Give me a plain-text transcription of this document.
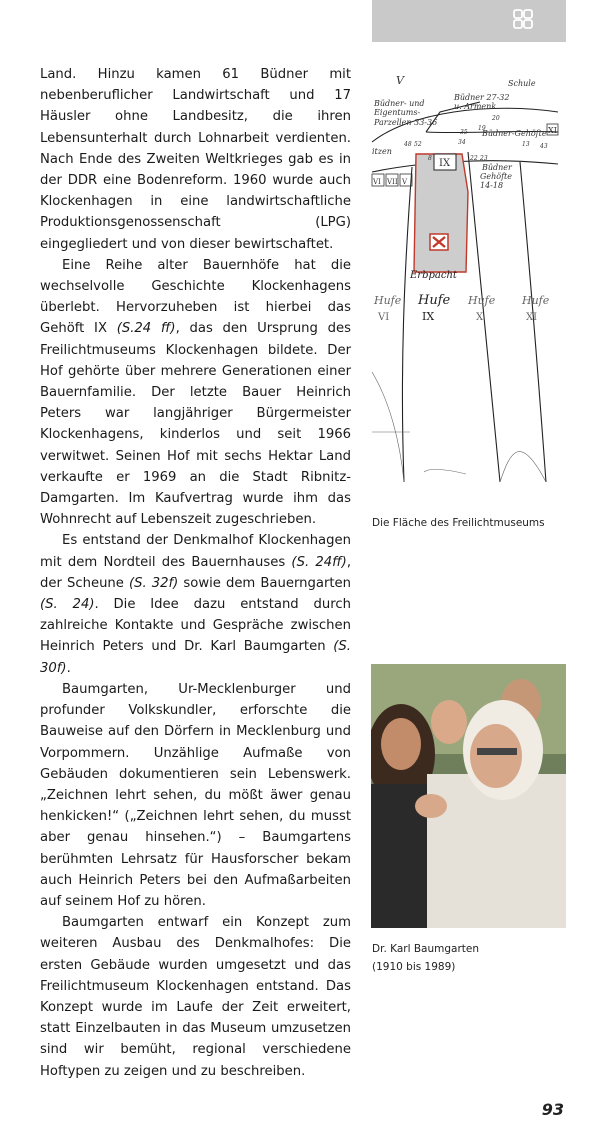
Land. Hinzu kamen 61 Büdner mit nebenberuflicher Landwirtschaft und 17 Häusler ohne Landbesitz, die ihren Lebensunterhalt durch Lohnarbeit verdienten. Nach Ende des Zweiten Weltkrieges gab es in der DDR eine Bodenreform. 1960 wurde auch Klockenhagen in eine landwirtschaftliche Produktionsgenossenschaft (LPG) eingegliedert und von dieser bewirtschaftet.

Eine Reihe alter Bauernhöfe hat die wechselvolle Geschichte Klockenhagens überlebt. Hervorzuheben ist hierbei das Gehöft IX (S.24 ff), das den Ursprung des Freilichtmuseums Klockenhagen bildete. Der Hof gehörte über mehrere Generationen einer Bauernfamilie. Der letzte Bauer Heinrich Peters war langjähriger Bürgermeister Klockenhagens, kinderlos und seit 1966 verwitwet. Seinen Hof mit sechs Hektar Land verkaufte er 1969 an die Stadt Ribnitz-Damgarten. Im Kaufvertrag wurde ihm das Wohnrecht auf Lebenszeit zugeschrieben.

Es entstand der Denkmalhof Klockenhagen mit dem Nordteil des Bauernhauses (S. 24ff), der Scheune (S. 32f) sowie dem Bauerngarten (S. 24). Die Idee dazu entstand durch zahlreiche Kontakte und Gespräche zwischen Heinrich Peters und Dr. Karl Baumgarten (S. 30f).

Baumgarten, Ur-Mecklenburger und profunder Volkskundler, erforschte die Bauweise auf den Dörfern in Mecklenburg und Vorpommern. Unzählige Aufmaße von Gebäuden dokumentieren sein Lebenswerk. „Zeichnen lehrt sehen, du mößt äwer genau henkicken!“ („Zeichnen lehrt sehen, du musst aber genau hinsehen.“) – Baumgartens berühmten Lehrsatz für Hausforscher bekam auch Heinrich Peters bei den Aufmaßarbeiten auf seinem Hof zu hören.

Baumgarten entwarf ein Konzept zum weiteren Ausbau des Denkmalhofes: Die ersten Gebäude wurden umgesetzt und das Freilichtmuseum Klockenhagen entstand. Das Konzept wurde im Laufe der Zeit erweitert, statt Einzelbauten in das Museum umzusetzen sind wir bemüht, regional verschiedene Hoftypen zu zeigen und zu beschreiben.

V	Schule
Büdner- und
Eigentums-
Parzellen 33-36
Büdner 27-32
u. Armenk.
20
19
35 Büdner-Gehöfte XI
34	13 43
48 52
8 IX	22 23
Büdner
Gehöfte
14-18
itzen
VI VII V
Erbpacht
Hufe Hufe Hufe Hufe
VI	IX	X	XI
Die Fläche des Freilichtmuseums
Dr. Karl Baumgarten
(1910 bis 1989)
93
